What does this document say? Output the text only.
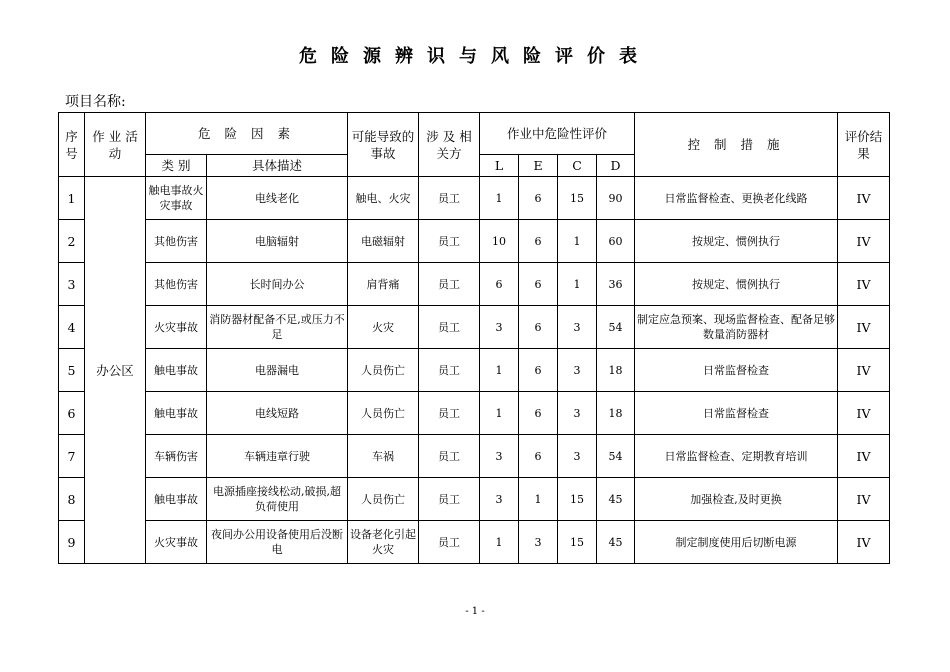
危险源辨识与风险评价表
项目名称:
序号	作 业 活 动	危 险 因 素		可能导致的事故	涉 及 相关方	作业中危险性评价				控 制 措 施	评价结果
		类 别	具体描述			L	E	C	D		
1	办公区	触电事故火灾事故	电线老化	触电、火灾	员工	1	6	15	90	日常监督检查、更换老化线路	IV
2		其他伤害	电脑辐射	电磁辐射	员工	10	6	1	60	按规定、惯例执行	IV
3		其他伤害	长时间办公	肩背痛	员工	6	6	1	36	按规定、惯例执行	IV
4		火灾事故	消防器材配备不足,或压力不足	火灾	员工	3	6	3	54	制定应急预案、现场监督检查、配备足够数量消防器材	IV
5		触电事故	电器漏电	人员伤亡	员工	1	6	3	18	日常监督检查	IV
6		触电事故	电线短路	人员伤亡	员工	1	6	3	18	日常监督检查	IV
7		车辆伤害	车辆违章行驶	车祸	员工	3	6	3	54	日常监督检查、定期教育培训	IV
8		触电事故	电源插座接线松动,破损,超负荷使用	人员伤亡	员工	3	1	15	45	加强检查,及时更换	IV
9		火灾事故	夜间办公用设备使用后没断电	设备老化引起火灾	员工	1	3	15	45	制定制度使用后切断电源	IV
- 1 -
